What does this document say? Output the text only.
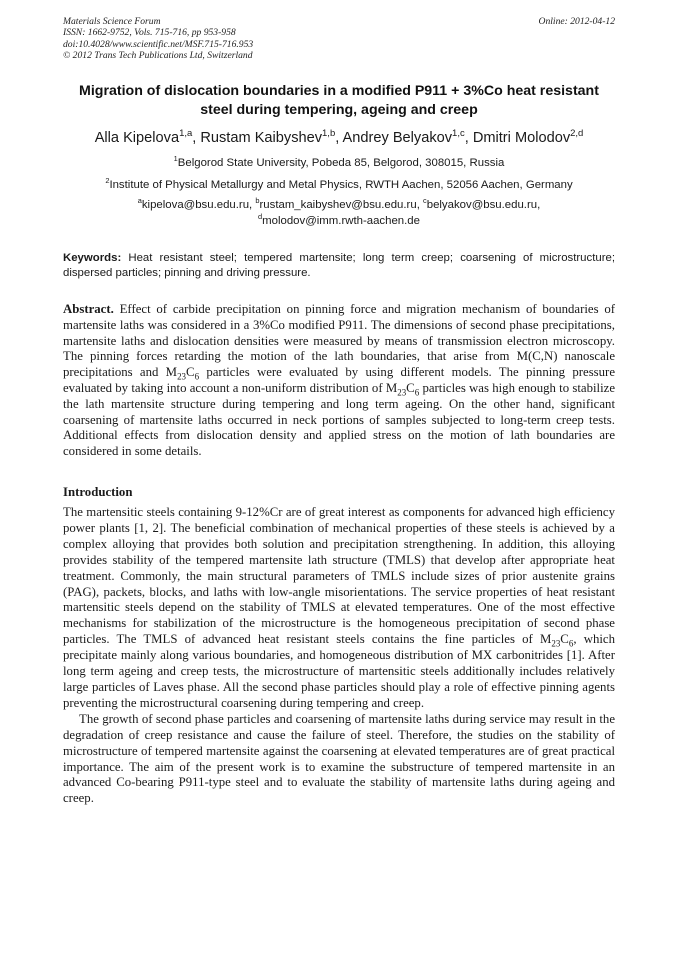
Materials Science Forum
ISSN: 1662-9752, Vols. 715-716, pp 953-958
doi:10.4028/www.scientific.net/MSF.715-716.953
© 2012 Trans Tech Publications Ltd, Switzerland
Online: 2012-04-12
Migration of dislocation boundaries in a modified P911 + 3%Co heat resistant steel during tempering, ageing and creep
Alla Kipelova$^{1,a}$, Rustam Kaibyshev$^{1,b}$, Andrey Belyakov$^{1,c}$, Dmitri Molodov$^{2,d}$
$^1$Belgorod State University, Pobeda 85, Belgorod, 308015, Russia
$^2$Institute of Physical Metallurgy and Metal Physics, RWTH Aachen, 52056 Aachen, Germany
$^a$kipelova@bsu.edu.ru, $^b$rustam_kaibyshev@bsu.edu.ru, $^c$belyakov@bsu.edu.ru,
$^d$molodov@imm.rwth-aachen.de
Keywords: Heat resistant steel; tempered martensite; long term creep; coarsening of microstructure; dispersed particles; pinning and driving pressure.
Abstract. Effect of carbide precipitation on pinning force and migration mechanism of boundaries of martensite laths was considered in a 3%Co modified P911. The dimensions of second phase precipitations, martensite laths and dislocation densities were measured by means of transmission electron microscopy. The pinning forces retarding the motion of the lath boundaries, that arise from M(C,N) nanoscale precipitations and $M_{23}C_6$ particles were evaluated by using different models. The pinning pressure evaluated by taking into account a non-uniform distribution of $M_{23}C_6$ particles was high enough to stabilize the lath martensite structure during tempering and long term ageing. On the other hand, significant coarsening of martensite laths occurred in neck portions of samples subjected to long-term creep tests. Additional effects from dislocation density and applied stress on the motion of lath boundaries are considered in some details.
Introduction

The martensitic steels containing 9-12%Cr are of great interest as components for advanced high efficiency power plants [1, 2]. The beneficial combination of mechanical properties of these steels is achieved by a complex alloying that provides both solution and precipitation strengthening. In addition, this alloying provides stability of the tempered martensite lath structure (TMLS) that develop after appropriate heat treatment. Commonly, the main structural parameters of TMLS include sizes of prior austenite grains (PAG), packets, blocks, and laths with low-angle misorientations. The service properties of heat resistant martensitic steels depend on the stability of TMLS at elevated temperatures. One of the most effective mechanisms for stabilization of the microstructure is the homogeneous precipitation of second phase particles. The TMLS of advanced heat resistant steels contains the fine particles of $M_{23}C_6$, which precipitate mainly along various boundaries, and homogeneous distribution of MX carbonitrides [1]. After long term ageing and creep tests, the microstructure of martensitic steels additionally includes relatively large particles of Laves phase. All the second phase particles should play a role of effective pinning agents preventing the microstructural coarsening during tempering and creep.

The growth of second phase particles and coarsening of martensite laths during service may result in the degradation of creep resistance and cause the failure of steel. Therefore, the studies on the stability of microstructure of tempered martensite against the coarsening at elevated temperatures are of great practical importance. The aim of the present work is to examine the substructure of tempered martensite in an advanced Co-bearing P911-type steel and to evaluate the stability of martensite laths during ageing and creep.
